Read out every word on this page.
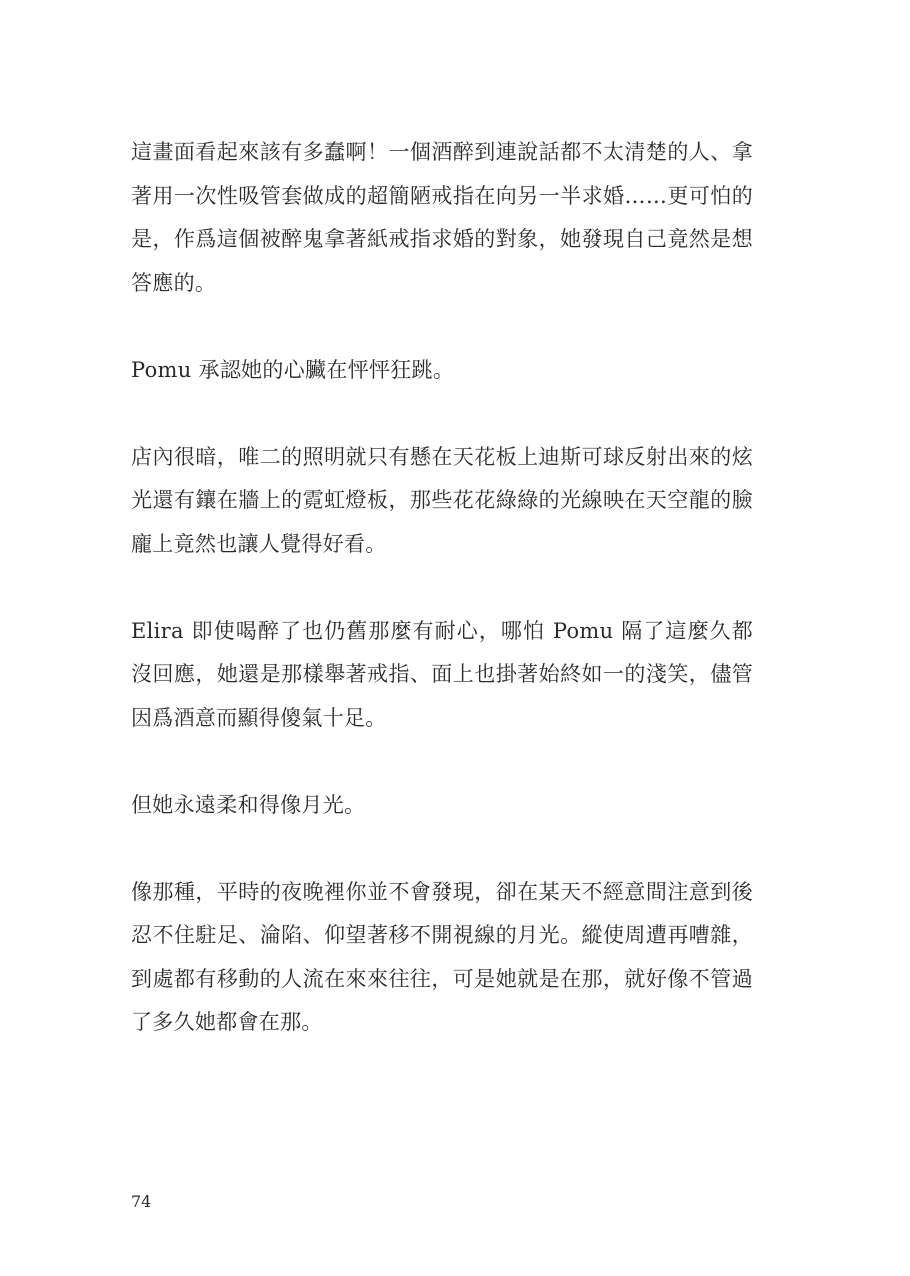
這畫面看起來該有多蠢啊！一個酒醉到連說話都不太清楚的人、拿著用一次性吸管套做成的超簡陋戒指在向另一半求婚……更可怕的是，作爲這個被醉鬼拿著紙戒指求婚的對象，她發現自己竟然是想答應的。

Pomu 承認她的心臟在怦怦狂跳。

店內很暗，唯二的照明就只有懸在天花板上迪斯可球反射出來的炫光還有鑲在牆上的霓虹燈板，那些花花綠綠的光線映在天空龍的臉龐上竟然也讓人覺得好看。

Elira 即使喝醉了也仍舊那麼有耐心，哪怕 Pomu 隔了這麼久都沒回應，她還是那樣舉著戒指、面上也掛著始終如一的淺笑，儘管因爲酒意而顯得傻氣十足。

但她永遠柔和得像月光。

像那種，平時的夜晚裡你並不會發現，卻在某天不經意間注意到後忍不住駐足、淪陷、仰望著移不開視線的月光。縱使周遭再嘈雜，到處都有移動的人流在來來往往，可是她就是在那，就好像不管過了多久她都會在那。

74
